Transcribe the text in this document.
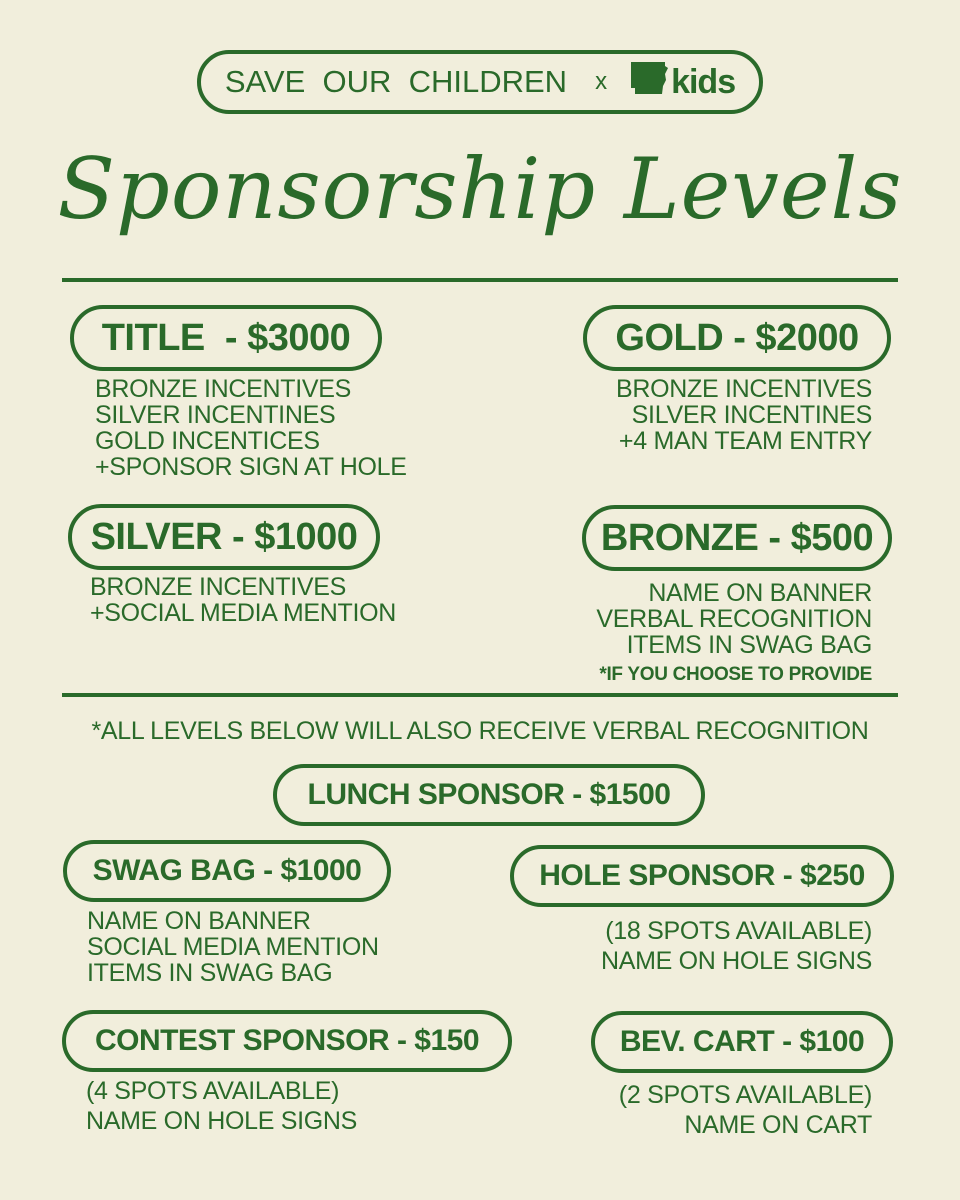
SAVE  OUR  CHILDREN x kids
Sponsorship Levels
TITLE  - $3000
BRONZE INCENTIVES
SILVER INCENTINES
GOLD INCENTICES
+SPONSOR SIGN AT HOLE
GOLD - $2000
BRONZE INCENTIVES
SILVER INCENTINES
+4 MAN TEAM ENTRY
SILVER - $1000
BRONZE INCENTIVES
+SOCIAL MEDIA MENTION
BRONZE - $500
NAME ON BANNER
VERBAL RECOGNITION
ITEMS IN SWAG BAG
*IF YOU CHOOSE TO PROVIDE
*ALL LEVELS BELOW WILL ALSO RECEIVE VERBAL RECOGNITION
LUNCH SPONSOR - $1500
SWAG BAG - $1000
NAME ON BANNER
SOCIAL MEDIA MENTION
ITEMS IN SWAG BAG
HOLE SPONSOR - $250
(18 SPOTS AVAILABLE)
NAME ON HOLE SIGNS
CONTEST SPONSOR - $150
(4 SPOTS AVAILABLE)
NAME ON HOLE SIGNS
BEV. CART - $100
(2 SPOTS AVAILABLE)
NAME ON CART
